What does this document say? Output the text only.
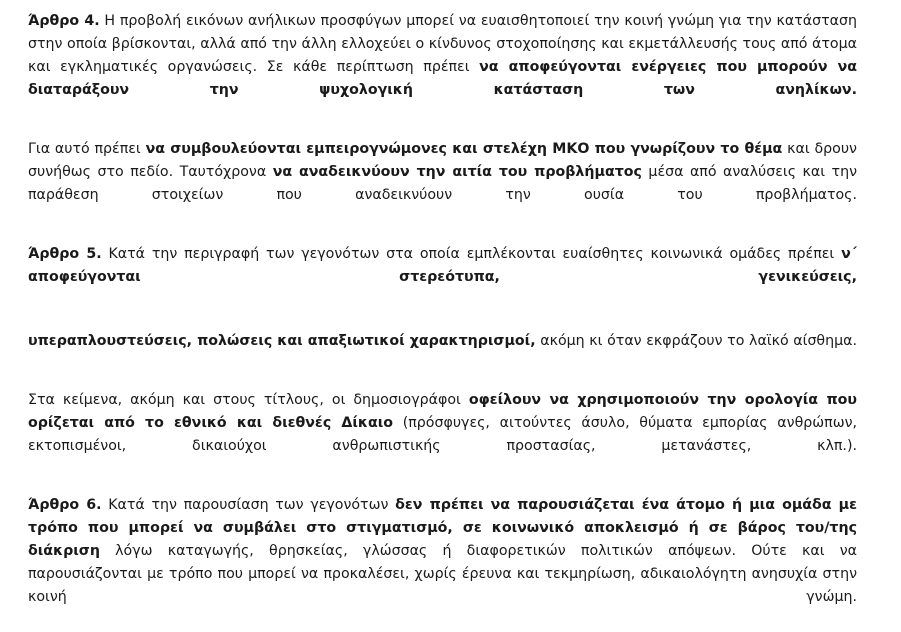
Άρθρο 4. Η προβολή εικόνων ανήλικων προσφύγων μπορεί να ευαισθητοποιεί την κοινή γνώμη για την κατάσταση στην οποία βρίσκονται, αλλά από την άλλη ελλοχεύει ο κίνδυνος στοχοποίησης και εκμετάλλευσής τους από άτομα και εγκληματικές οργανώσεις. Σε κάθε περίπτωση πρέπει να αποφεύγονται ενέργειες που μπορούν να διαταράξουν την ψυχολογική κατάσταση των ανηλίκων.

Για αυτό πρέπει να συμβουλεύονται εμπειρογνώμονες και στελέχη ΜΚΟ που γνωρίζουν το θέμα και δρουν συνήθως στο πεδίο. Ταυτόχρονα να αναδεικνύουν την αιτία του προβλήματος μέσα από αναλύσεις και την παράθεση στοιχείων που αναδεικνύουν την ουσία του προβλήματος.

Άρθρο 5. Κατά την περιγραφή των γεγονότων στα οποία εμπλέκονται ευαίσθητες κοινωνικά ομάδες πρέπει ν΄ αποφεύγονται στερεότυπα, γενικεύσεις,

υπεραπλουστεύσεις, πολώσεις και απαξιωτικοί χαρακτηρισμοί, ακόμη κι όταν εκφράζουν το λαϊκό αίσθημα.

Στα κείμενα, ακόμη και στους τίτλους, οι δημοσιογράφοι οφείλουν να χρησιμοποιούν την ορολογία που ορίζεται από το εθνικό και διεθνές Δίκαιο (πρόσφυγες, αιτούντες άσυλο, θύματα εμπορίας ανθρώπων, εκτοπισμένοι, δικαιούχοι ανθρωπιστικής προστασίας, μετανάστες, κλπ.).

Άρθρο 6. Κατά την παρουσίαση των γεγονότων δεν πρέπει να παρουσιάζεται ένα άτομο ή μια ομάδα με τρόπο που μπορεί να συμβάλει στο στιγματισμό, σε κοινωνικό αποκλεισμό ή σε βάρος του/της διάκριση λόγω καταγωγής, θρησκείας, γλώσσας ή διαφορετικών πολιτικών απόψεων. Ούτε και να παρουσιάζονται με τρόπο που μπορεί να προκαλέσει, χωρίς έρευνα και τεκμηρίωση, αδικαιολόγητη ανησυχία στην κοινή γνώμη.
